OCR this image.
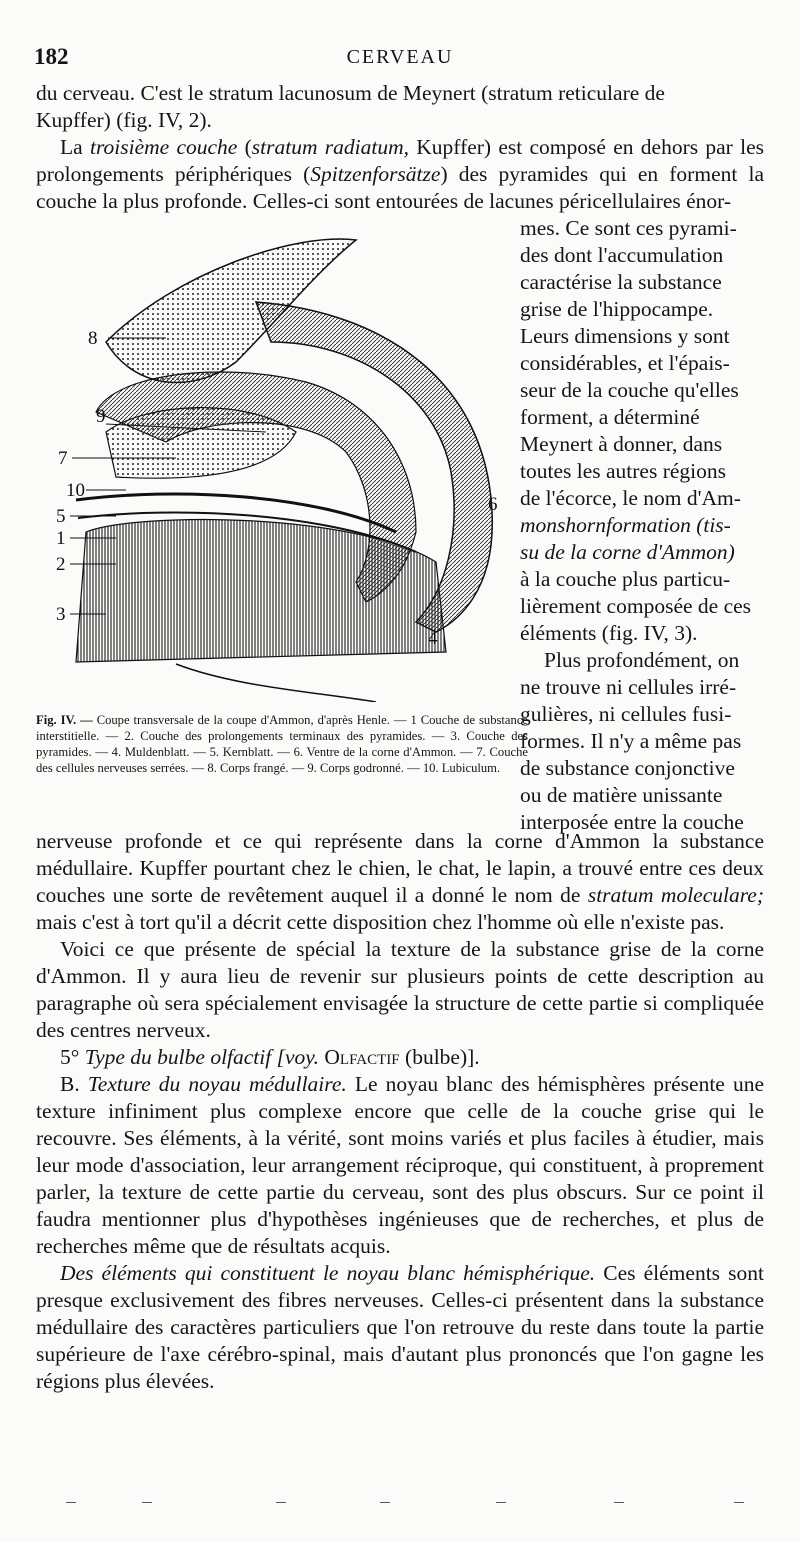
182	CERVEAU

du cerveau. C'est le stratum lacunosum de Meynert (stratum reticulare de

Kupffer) (fig. IV, 2).

La troisième couche (stratum radiatum, Kupffer) est composé en dehors par les prolongements périphériques (Spitzenforsätze) des pyramides qui en forment la couche la plus profonde. Celles-ci sont entourées de lacunes péricellulaires énor-

8
9
7
10
5
1
2
3
6
4
Fig. IV. — Coupe transversale de la coupe d'Ammon, d'après Henle. — 1 Couche de substance interstitielle. — 2. Couche des prolongements terminaux des pyramides. — 3. Couche des pyramides. — 4. Muldenblatt. — 5. Kernblatt. — 6. Ventre de la corne d'Ammon. — 7. Couche des cellules nerveuses serrées. — 8. Corps frangé. — 9. Corps godronné. — 10. Lubiculum.
mes. Ce sont ces pyrami-
des dont l'accumulation
caractérise la substance
grise de l'hippocampe.
Leurs dimensions y sont
considérables, et l'épais-
seur de la couche qu'elles
forment, a déterminé
Meynert à donner, dans
toutes les autres régions
de l'écorce, le nom d'Am-
monshornformation (tis-
su de la corne d'Ammon)
à la couche plus particu-
lièrement composée de ces
éléments (fig. IV, 3).
Plus profondément, on
ne trouve ni cellules irré-
gulières, ni cellules fusi-
formes. Il n'y a même pas
de substance conjonctive
ou de matière unissante
interposée entre la couche

nerveuse profonde et ce qui représente dans la corne d'Ammon la substance médullaire. Kupffer pourtant chez le chien, le chat, le lapin, a trouvé entre ces deux couches une sorte de revêtement auquel il a donné le nom de stratum moleculare; mais c'est à tort qu'il a décrit cette disposition chez l'homme où elle n'existe pas.

Voici ce que présente de spécial la texture de la substance grise de la corne d'Ammon. Il y aura lieu de revenir sur plusieurs points de cette description au paragraphe où sera spécialement envisagée la structure de cette partie si compliquée des centres nerveux.

5° Type du bulbe olfactif [voy. Olfactif (bulbe)].

B. Texture du noyau médullaire. Le noyau blanc des hémisphères présente une texture infiniment plus complexe encore que celle de la couche grise qui le recouvre. Ses éléments, à la vérité, sont moins variés et plus faciles à étudier, mais leur mode d'association, leur arrangement réciproque, qui constituent, à proprement parler, la texture de cette partie du cerveau, sont des plus obscurs. Sur ce point il faudra mentionner plus d'hypothèses ingénieuses que de recherches, et plus de recherches même que de résultats acquis.

Des éléments qui constituent le noyau blanc hémisphérique. Ces éléments sont presque exclusivement des fibres nerveuses. Celles-ci présentent dans la substance médullaire des caractères particuliers que l'on retrouve du reste dans toute la partie supérieure de l'axe cérébro-spinal, mais d'autant plus prononcés que l'on gagne les régions plus élevées.
